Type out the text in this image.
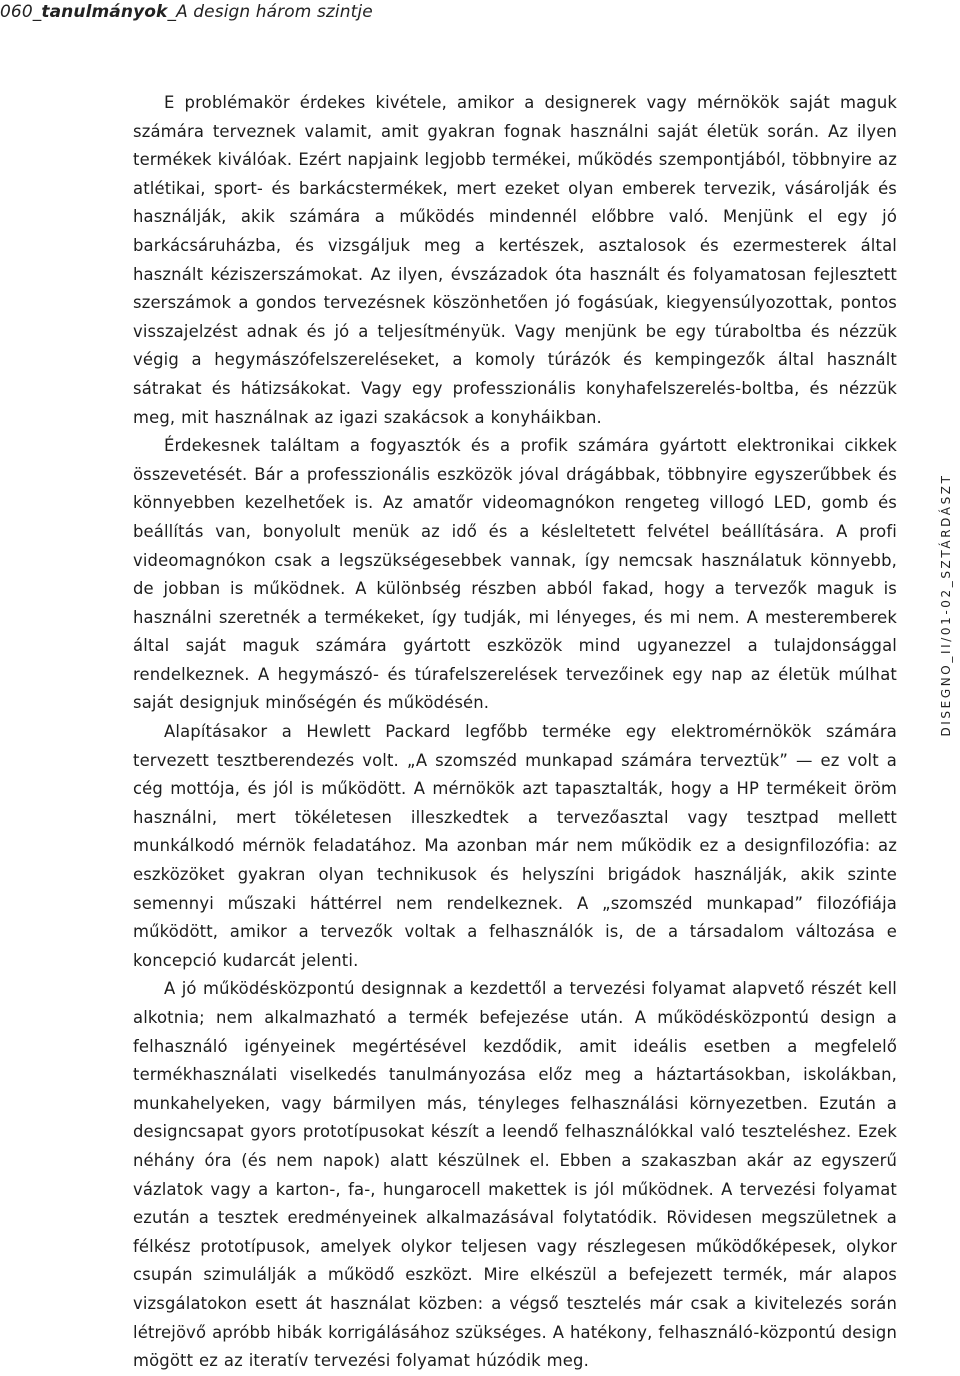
060_tanulmányok_A design három szintje

E problémakör érdekes kivétele, amikor a designerek vagy mérnökök saját maguk számára terveznek valamit, amit gyakran fognak használni saját életük során. Az ilyen termékek kiválóak. Ezért napjaink legjobb termékei, működés szempontjából, többnyire az atlétikai, sport- és barkácstermékek, mert ezeket olyan emberek tervezik, vásárolják és használják, akik számára a működés mindennél előbbre való. Menjünk el egy jó barkácsáruházba, és vizsgáljuk meg a kertészek, asztalosok és ezermesterek által használt kéziszerszámokat. Az ilyen, évszázadok óta használt és folyamatosan fejlesztett szerszámok a gondos tervezésnek köszönhetően jó fogásúak, kiegyensúlyozottak, pontos visszajelzést adnak és jó a teljesítményük. Vagy menjünk be egy túraboltba és nézzük végig a hegymászófelszereléseket, a komoly túrázók és kempingezők által használt sátrakat és hátizsákokat. Vagy egy professzionális konyhafelszerelés-boltba, és nézzük meg, mit használnak az igazi szakácsok a konyháikban.

Érdekesnek találtam a fogyasztók és a profik számára gyártott elektronikai cikkek összevetését. Bár a professzionális eszközök jóval drágábbak, többnyire egyszerűbbek és könnyebben kezelhetőek is. Az amatőr videomagnókon rengeteg villogó LED, gomb és beállítás van, bonyolult menük az idő és a késleltetett felvétel beállítására. A profi videomagnókon csak a legszükségesebbek vannak, így nemcsak használatuk könnyebb, de jobban is működnek. A különbség részben abból fakad, hogy a tervezők maguk is használni szeretnék a termékeket, így tudják, mi lényeges, és mi nem. A mesteremberek által saját maguk számára gyártott eszközök mind ugyanezzel a tulajdonsággal rendelkeznek. A hegymászó- és túrafelszerelések tervezőinek egy nap az életük múlhat saját designjuk minőségén és működésén.

Alapításakor a Hewlett Packard legfőbb terméke egy elektromérnökök számára tervezett tesztberendezés volt. „A szomszéd munkapad számára terveztük” — ez volt a cég mottója, és jól is működött. A mérnökök azt tapasztalták, hogy a HP termékeit öröm használni, mert tökéletesen illeszkedtek a tervezőasztal vagy tesztpad mellett munkálkodó mérnök feladatához. Ma azonban már nem működik ez a designfilozófia: az eszközöket gyakran olyan technikusok és helyszíni brigádok használják, akik szinte semennyi műszaki háttérrel nem rendelkeznek. A „szomszéd munkapad” filozófiája működött, amikor a tervezők voltak a felhasználók is, de a társadalom változása e koncepció kudarcát jelenti.

A jó működésközpontú designnak a kezdettől a tervezési folyamat alapvető részét kell alkotnia; nem alkalmazható a termék befejezése után. A működésközpontú design a felhasználó igényeinek megértésével kezdődik, amit ideális esetben a megfelelő termékhasználati viselkedés tanulmányozása előz meg a háztartásokban, iskolákban, munkahelyeken, vagy bármilyen más, tényleges felhasználási környezetben. Ezután a designcsapat gyors prototípusokat készít a leendő felhasználókkal való teszteléshez. Ezek néhány óra (és nem napok) alatt készülnek el. Ebben a szakaszban akár az egyszerű vázlatok vagy a karton-, fa-, hungarocell makettek is jól működnek. A tervezési folyamat ezután a tesztek eredményeinek alkalmazásával folytatódik. Rövidesen megszületnek a félkész prototípusok, amelyek olykor teljesen vagy részlegesen működőképesek, olykor csupán szimulálják a működő eszközt. Mire elkészül a befejezett termék, már alapos vizsgálatokon esett át használat közben: a végső tesztelés már csak a kivitelezés során létrejövő apróbb hibák korrigálásához szükséges. A hatékony, felhasználó-központú design mögött ez az iteratív tervezési folyamat húzódik meg.

DISEGNO_II/01-02_SZTÁRDÁSZT
